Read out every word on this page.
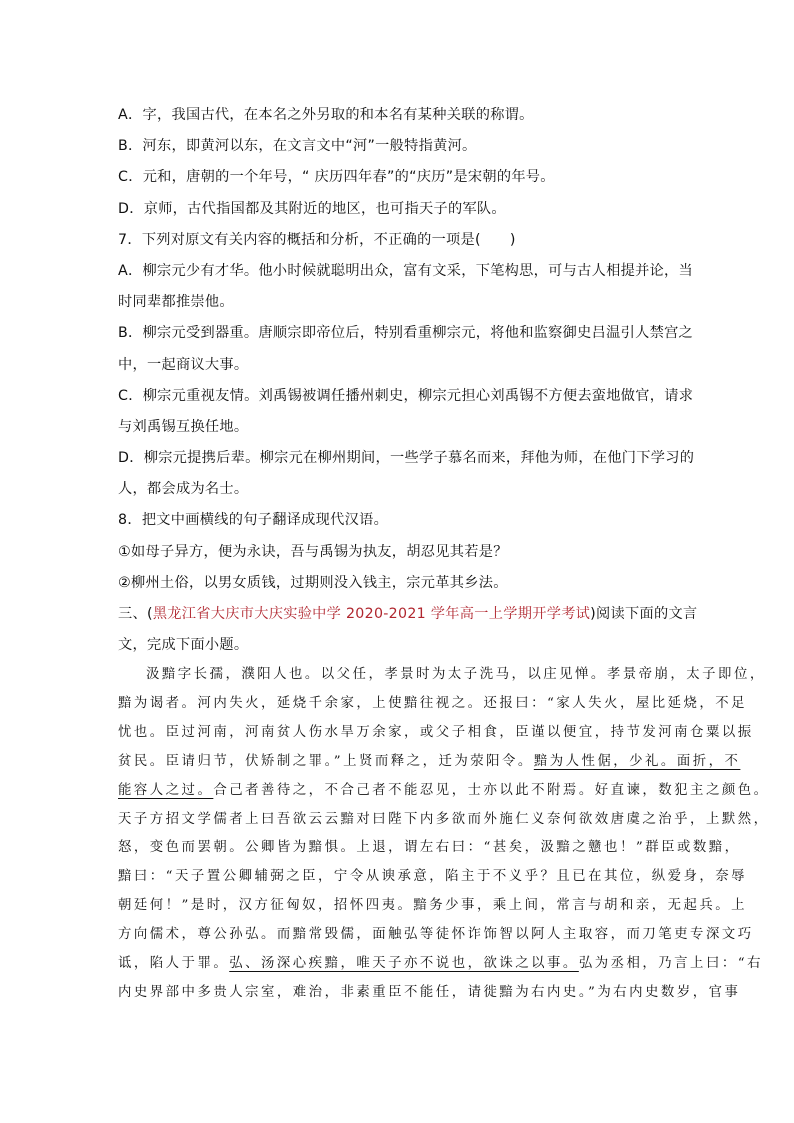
A．字，我国古代，在本名之外另取的和本名有某种关联的称谓。
B．河东，即黄河以东，在文言文中“河”一般特指黄河。
C．元和，唐朝的一个年号，“ 庆历四年春”的“庆历”是宋朝的年号。
D．京师，古代指国都及其附近的地区，也可指天子的军队。
7．下列对原文有关内容的概括和分析，不正确的一项是(　　)
A．柳宗元少有才华。他小时候就聪明出众，富有文采，下笔构思，可与古人相提并论，当
时同辈都推崇他。
B．柳宗元受到器重。唐顺宗即帝位后，特别看重柳宗元，将他和监察御史吕温引人禁宫之
中，一起商议大事。
C．柳宗元重视友情。刘禹锡被调任播州刺史，柳宗元担心刘禹锡不方便去蛮地做官，请求
与刘禹锡互换任地。
D．柳宗元提携后辈。柳宗元在柳州期间，一些学子慕名而来，拜他为师，在他门下学习的
人，都会成为名士。
8．把文中画横线的句子翻译成现代汉语。
①如母子异方，便为永诀，吾与禹锡为执友，胡忍见其若是？
②柳州土俗，以男女质钱，过期则没入钱主，宗元革其乡法。
三、(黑龙江省大庆市大庆实验中学 2020-2021 学年高一上学期开学考试)阅读下面的文言
文，完成下面小题。
汲黯字长孺，濮阳人也。以父任，孝景时为太子洗马，以庄见惮。孝景帝崩，太子即位，
黯为谒者。河内失火，延烧千余家，上使黯往视之。还报曰：“家人失火，屋比延烧，不足
忧也。臣过河南，河南贫人伤水旱万余家，或父子相食，臣谨以便宜，持节发河南仓粟以振
贫民。臣请归节，伏矫制之罪。”上贤而释之，迁为荥阳令。黯为人性倨，少礼。面折，不
能容人之过。合己者善待之，不合己者不能忍见，士亦以此不附焉。好直谏，数犯主之颜色。
天子方招文学儒者上曰吾欲云云黯对曰陛下内多欲而外施仁义奈何欲效唐虞之治乎，上默然，
怒，变色而罢朝。公卿皆为黯惧。上退，谓左右曰：“甚矣，汲黯之戆也！”群臣或数黯，
黯曰：“天子置公卿辅弼之臣，宁令从谀承意，陷主于不义乎？且已在其位，纵爱身，奈辱
朝廷何！”是时，汉方征匈奴，招怀四夷。黯务少事，乘上间，常言与胡和亲，无起兵。上
方向儒术，尊公孙弘。而黯常毁儒，面触弘等徒怀诈饰智以阿人主取容，而刀笔吏专深文巧
诋，陷人于罪。弘、汤深心疾黯，唯天子亦不说也，欲诛之以事。弘为丞相，乃言上曰：“右
内史界部中多贵人宗室，难治，非素重臣不能任，请徙黯为右内史。”为右内史数岁，官事
